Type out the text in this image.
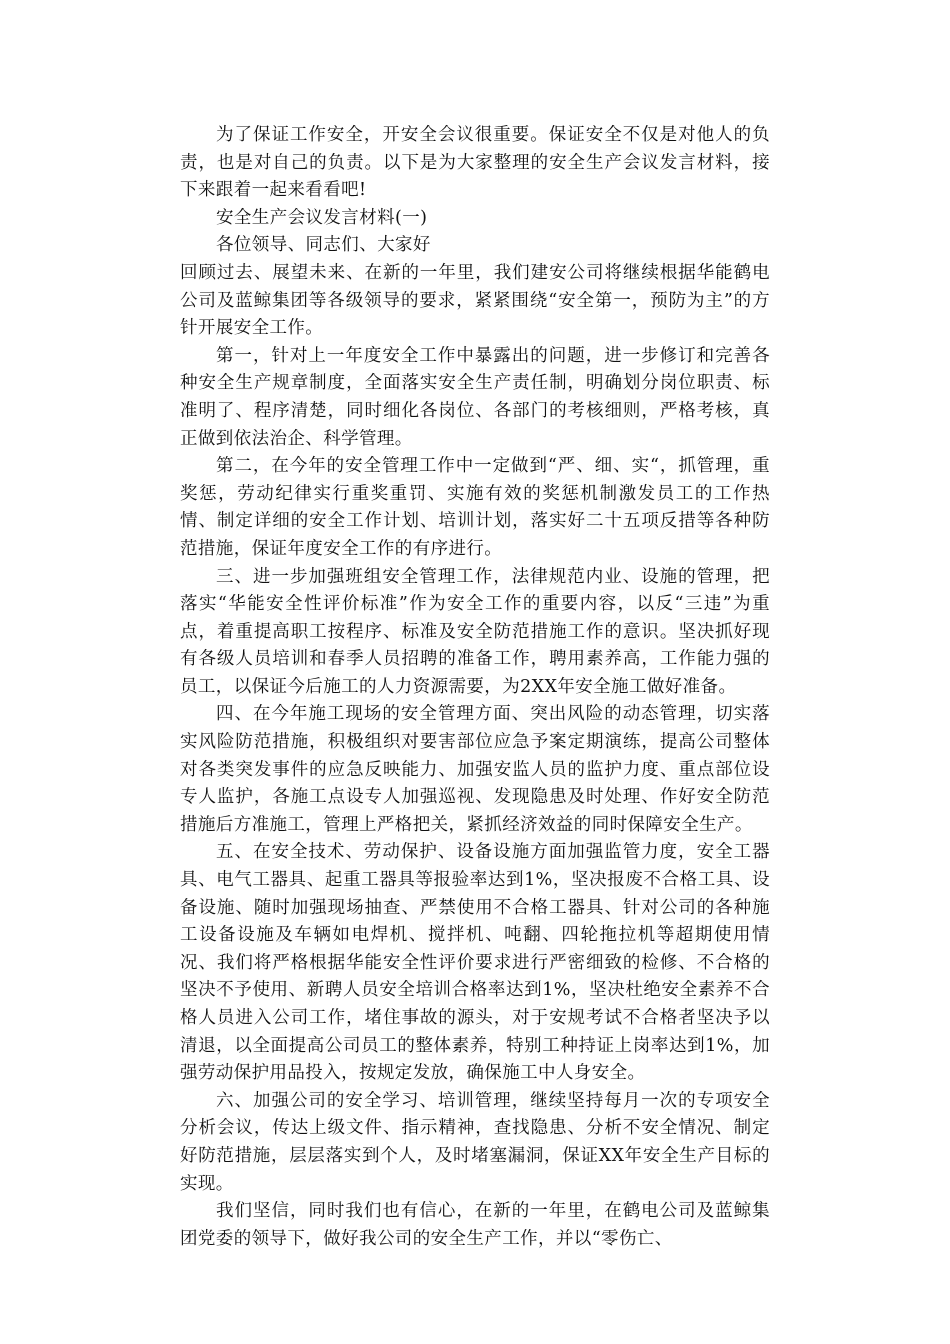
为了保证工作安全，开安全会议很重要。保证安全不仅是对他人的负责，也是对自己的负责。以下是为大家整理的安全生产会议发言材料，接下来跟着一起来看看吧!

安全生产会议发言材料(一)

各位领导、同志们、大家好

回顾过去、展望未来、在新的一年里，我们建安公司将继续根据华能鹤电公司及蓝鲸集团等各级领导的要求，紧紧围绕“安全第一，预防为主”的方针开展安全工作。

第一，针对上一年度安全工作中暴露出的问题，进一步修订和完善各种安全生产规章制度，全面落实安全生产责任制，明确划分岗位职责、标准明了、程序清楚，同时细化各岗位、各部门的考核细则，严格考核，真正做到依法治企、科学管理。

第二，在今年的安全管理工作中一定做到“严、细、实“，抓管理，重奖惩，劳动纪律实行重奖重罚、实施有效的奖惩机制激发员工的工作热情、制定详细的安全工作计划、培训计划，落实好二十五项反措等各种防范措施，保证年度安全工作的有序进行。

三、进一步加强班组安全管理工作，法律规范内业、设施的管理，把落实“华能安全性评价标准”作为安全工作的重要内容，以反“三违”为重点，着重提高职工按程序、标准及安全防范措施工作的意识。坚决抓好现有各级人员培训和春季人员招聘的准备工作，聘用素养高，工作能力强的员工，以保证今后施工的人力资源需要，为2XX年安全施工做好准备。

四、在今年施工现场的安全管理方面、突出风险的动态管理，切实落实风险防范措施，积极组织对要害部位应急予案定期演练，提高公司整体对各类突发事件的应急反映能力、加强安监人员的监护力度、重点部位设专人监护，各施工点设专人加强巡视、发现隐患及时处理、作好安全防范措施后方准施工，管理上严格把关，紧抓经济效益的同时保障安全生产。

五、在安全技术、劳动保护、设备设施方面加强监管力度，安全工器具、电气工器具、起重工器具等报验率达到1%，坚决报废不合格工具、设备设施、随时加强现场抽查、严禁使用不合格工器具、针对公司的各种施工设备设施及车辆如电焊机、搅拌机、吨翻、四轮拖拉机等超期使用情况、我们将严格根据华能安全性评价要求进行严密细致的检修、不合格的坚决不予使用、新聘人员安全培训合格率达到1%，坚决杜绝安全素养不合格人员进入公司工作，堵住事故的源头，对于安规考试不合格者坚决予以清退，以全面提高公司员工的整体素养，特别工种持证上岗率达到1%，加强劳动保护用品投入，按规定发放，确保施工中人身安全。

六、加强公司的安全学习、培训管理，继续坚持每月一次的专项安全分析会议，传达上级文件、指示精神，查找隐患、分析不安全情况、制定好防范措施，层层落实到个人，及时堵塞漏洞，保证XX年安全生产目标的实现。

我们坚信，同时我们也有信心，在新的一年里，在鹤电公司及蓝鲸集团党委的领导下，做好我公司的安全生产工作，并以“零伤亡、
